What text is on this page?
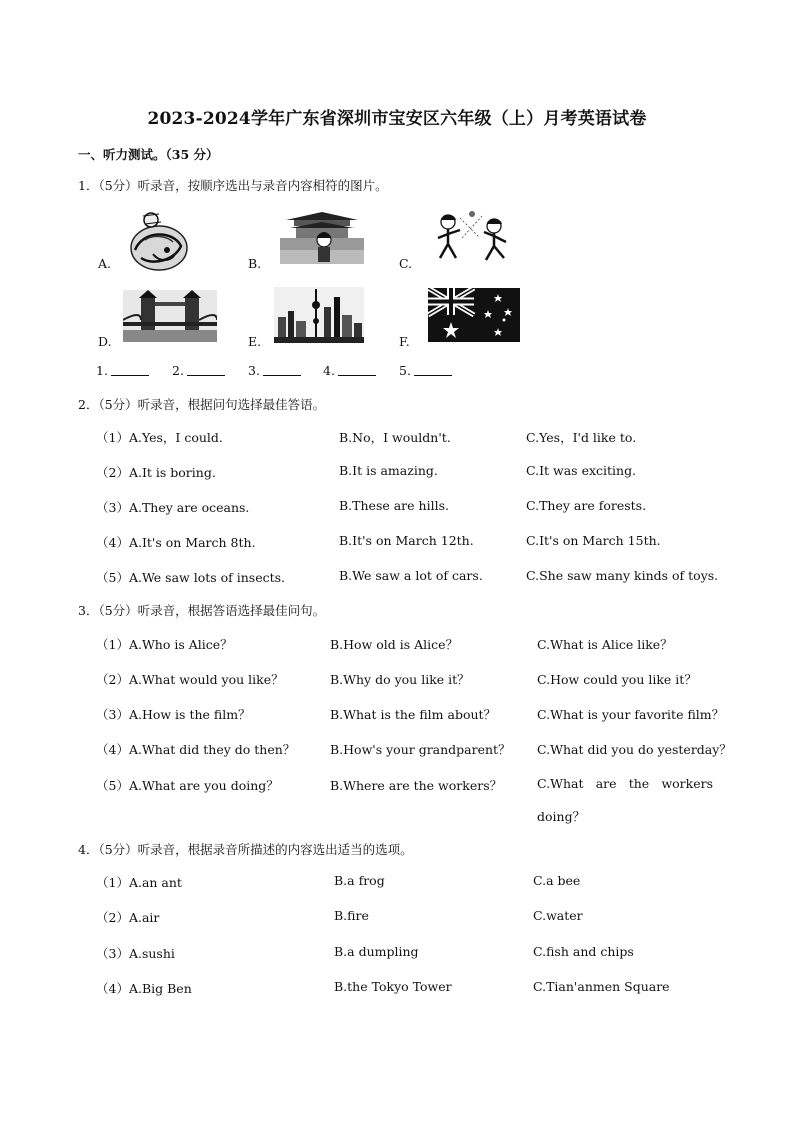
2023-2024学年广东省深圳市宝安区六年级（上）月考英语试卷
一、听力测试。（35 分）
1．（5分）听录音，按顺序选出与录音内容相符的图片。
A.	B.	C.
D.	E.	F.
1.	2.	3.	4.	5.
2．（5分）听录音，根据问句选择最佳答语。
（1）A.Yes，I could.	B.No，I wouldn't.	C.Yes，I'd like to.
（2）A.It is boring.	B.It is amazing.	C.It was exciting.
（3）A.They are oceans.	B.These are hills.	C.They are forests.
（4）A.It's on March 8th.	B.It's on March 12th.	C.It's on March 15th.
（5）A.We saw lots of insects.	B.We saw a lot of cars.	C.She saw many kinds of toys.
3．（5分）听录音，根据答语选择最佳问句。
（1）A.Who is Alice？	B.How old is Alice？	C.What is Alice like？
（2）A.What would you like？	B.Why do you like it？	C.How could you like it？
（3）A.How is the film？	B.What is the film about？	C.What is your favorite film？
（4）A.What did they do then？	B.How's your grandparent？ C.What did you do yesterday？
（5）A.What are you doing？	B.Where are the workers？	C.What are the workers
doing？
4．（5分）听录音，根据录音所描述的内容选出适当的选项。
（1）A.an ant	B.a frog	C.a bee
（2）A.air	B.fire	C.water
（3）A.sushi	B.a dumpling	C.fish and chips
（4）A.Big Ben	B.the Tokyo Tower	C.Tian'anmen Square
